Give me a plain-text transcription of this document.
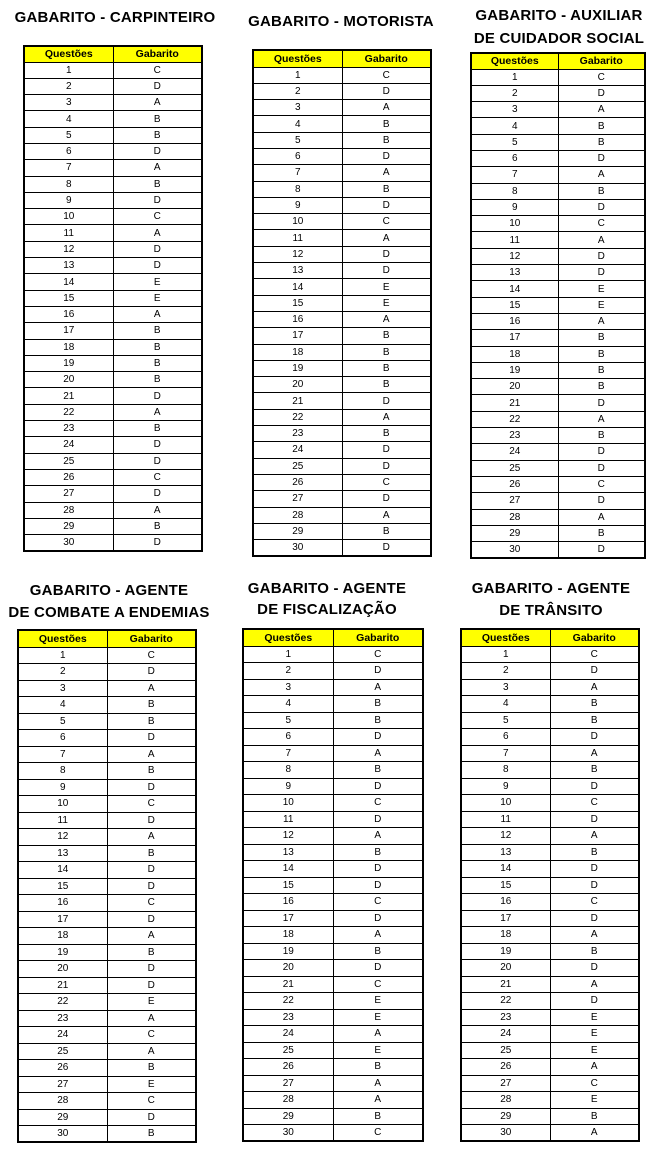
GABARITO - CARPINTEIRO
Questões	Gabarito
1	C
2	D
3	A
4	B
5	B
6	D
7	A
8	B
9	D
10	C
11	A
12	D
13	D
14	E
15	E
16	A
17	B
18	B
19	B
20	B
21	D
22	A
23	B
24	D
25	D
26	C
27	D
28	A
29	B
30	D
GABARITO - MOTORISTA
Questões	Gabarito
1	C
2	D
3	A
4	B
5	B
6	D
7	A
8	B
9	D
10	C
11	A
12	D
13	D
14	E
15	E
16	A
17	B
18	B
19	B
20	B
21	D
22	A
23	B
24	D
25	D
26	C
27	D
28	A
29	B
30	D
GABARITO - AUXILIAR
DE CUIDADOR SOCIAL
Questões	Gabarito
1	C
2	D
3	A
4	B
5	B
6	D
7	A
8	B
9	D
10	C
11	A
12	D
13	D
14	E
15	E
16	A
17	B
18	B
19	B
20	B
21	D
22	A
23	B
24	D
25	D
26	C
27	D
28	A
29	B
30	D
GABARITO - AGENTE
DE COMBATE A ENDEMIAS
Questões	Gabarito
1	C
2	D
3	A
4	B
5	B
6	D
7	A
8	B
9	D
10	C
11	D
12	A
13	B
14	D
15	D
16	C
17	D
18	A
19	B
20	D
21	D
22	E
23	A
24	C
25	A
26	B
27	E
28	C
29	D
30	B
GABARITO - AGENTE
DE FISCALIZAÇÃO
Questões	Gabarito
1	C
2	D
3	A
4	B
5	B
6	D
7	A
8	B
9	D
10	C
11	D
12	A
13	B
14	D
15	D
16	C
17	D
18	A
19	B
20	D
21	C
22	E
23	E
24	A
25	E
26	B
27	A
28	A
29	B
30	C
GABARITO - AGENTE
DE TRÂNSITO
Questões	Gabarito
1	C
2	D
3	A
4	B
5	B
6	D
7	A
8	B
9	D
10	C
11	D
12	A
13	B
14	D
15	D
16	C
17	D
18	A
19	B
20	D
21	A
22	D
23	E
24	E
25	E
26	A
27	C
28	E
29	B
30	A
